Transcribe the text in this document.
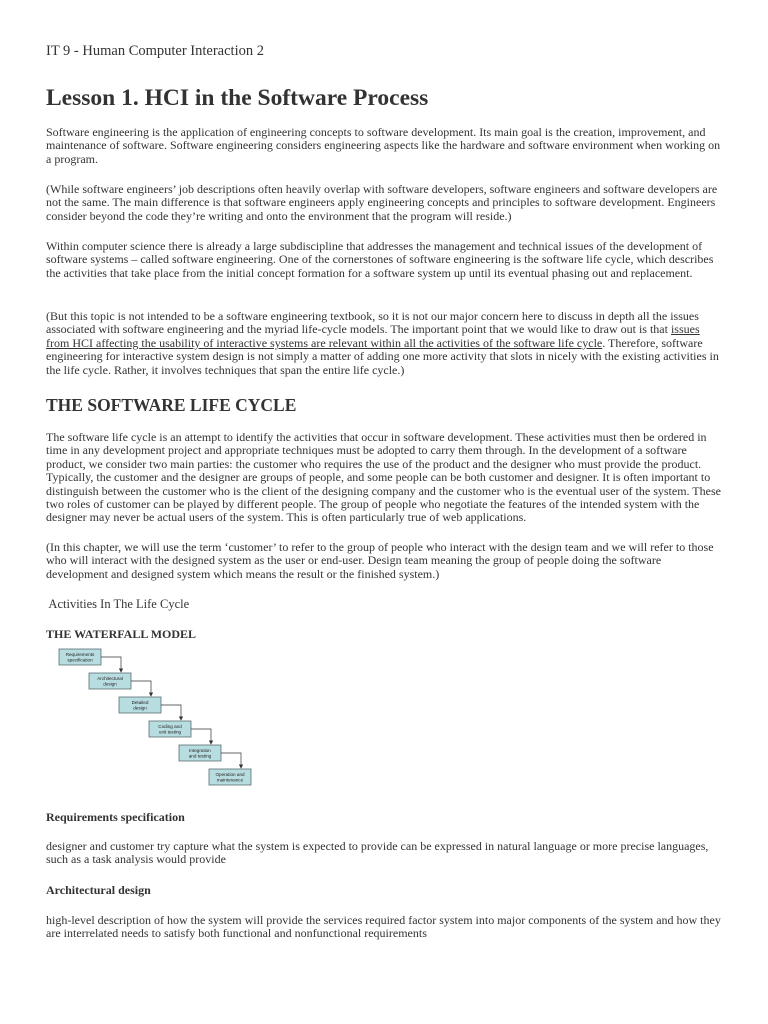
IT 9 - Human Computer Interaction 2

Lesson 1. HCI in the Software Process

Software engineering is the application of engineering concepts to software development. Its main goal is the creation, improvement, and maintenance of software. Software engineering considers engineering aspects like the hardware and software environment when working on a program.

(While software engineers’ job descriptions often heavily overlap with software developers, software engineers and software developers are not the same. The main difference is that software engineers apply engineering concepts and principles to software development. Engineers consider beyond the code they’re writing and onto the environment that the program will reside.)

Within computer science there is already a large subdiscipline that addresses the management and technical issues of the development of software systems – called software engineering. One of the cornerstones of software engineering is the software life cycle, which describes the activities that take place from the initial concept formation for a software system up until its eventual phasing out and replacement.

(But this topic is not intended to be a software engineering textbook, so it is not our major concern here to discuss in depth all the issues associated with software engineering and the myriad life-cycle models. The important point that we would like to draw out is that issues from HCI affecting the usability of interactive systems are relevant within all the activities of the software life cycle. Therefore, software engineering for interactive system design is not simply a matter of adding one more activity that slots in nicely with the existing activities in the life cycle. Rather, it involves techniques that span the entire life cycle.)

THE SOFTWARE LIFE CYCLE

The software life cycle is an attempt to identify the activities that occur in software development. These activities must then be ordered in time in any development project and appropriate techniques must be adopted to carry them through. In the development of a software product, we consider two main parties: the customer who requires the use of the product and the designer who must provide the product. Typically, the customer and the designer are groups of people, and some people can be both customer and designer. It is often important to distinguish between the customer who is the client of the designing company and the customer who is the eventual user of the system. These two roles of customer can be played by different people. The group of people who negotiate the features of the intended system with the designer may never be actual users of the system. This is often particularly true of web applications.

(In this chapter, we will use the term ‘customer’ to refer to the group of people who interact with the design team and we will refer to those who will interact with the designed system as the user or end-user. Design team meaning the group of people doing the software development and designed system which means the result or the finished system.)

Activities In The Life Cycle

THE WATERFALL MODEL

Requirements specification

designer and customer try capture what the system is expected to provide can be expressed in natural language or more precise languages, such as a task analysis would provide

Architectural design

high-level description of how the system will provide the services required factor system into major components of the system and how they are interrelated needs to satisfy both functional and nonfunctional requirements

Requirements
specification
Architectural
design
Detailed
design
Coding and
unit testing
Integration
and testing
Operation and
maintenance
